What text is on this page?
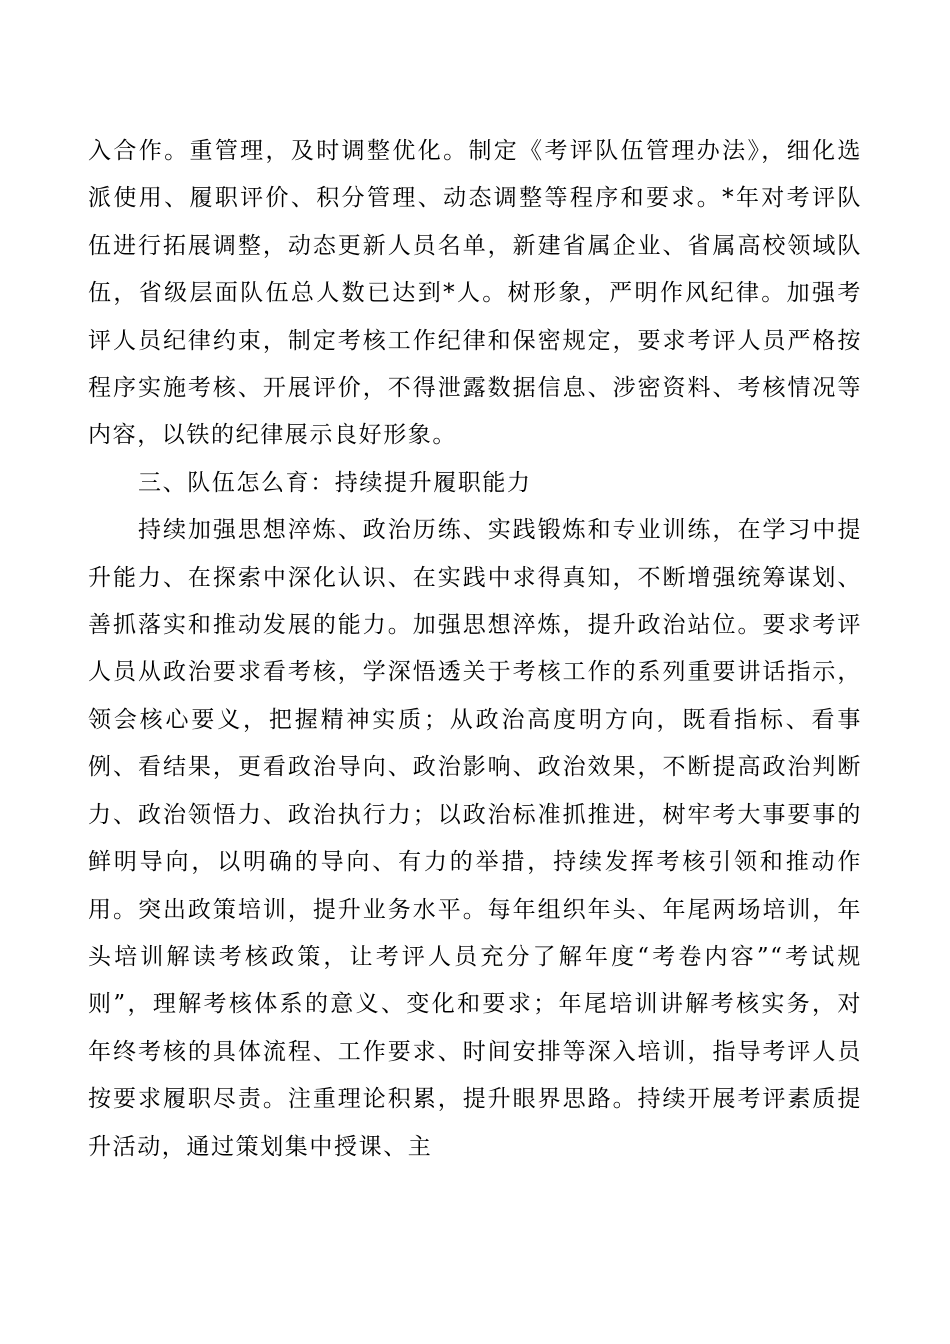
入合作。重管理，及时调整优化。制定《考评队伍管理办法》，细化选派使用、履职评价、积分管理、动态调整等程序和要求。*年对考评队伍进行拓展调整，动态更新人员名单，新建省属企业、省属高校领域队伍，省级层面队伍总人数已达到*人。树形象，严明作风纪律。加强考评人员纪律约束，制定考核工作纪律和保密规定，要求考评人员严格按程序实施考核、开展评价，不得泄露数据信息、涉密资料、考核情况等内容，以铁的纪律展示良好形象。

三、队伍怎么育：持续提升履职能力

持续加强思想淬炼、政治历练、实践锻炼和专业训练，在学习中提升能力、在探索中深化认识、在实践中求得真知，不断增强统筹谋划、善抓落实和推动发展的能力。加强思想淬炼，提升政治站位。要求考评人员从政治要求看考核，学深悟透关于考核工作的系列重要讲话指示，领会核心要义，把握精神实质；从政治高度明方向，既看指标、看事例、看结果，更看政治导向、政治影响、政治效果，不断提高政治判断力、政治领悟力、政治执行力；以政治标准抓推进，树牢考大事要事的鲜明导向，以明确的导向、有力的举措，持续发挥考核引领和推动作用。突出政策培训，提升业务水平。每年组织年头、年尾两场培训，年头培训解读考核政策，让考评人员充分了解年度“考卷内容”“考试规则”，理解考核体系的意义、变化和要求；年尾培训讲解考核实务，对年终考核的具体流程、工作要求、时间安排等深入培训，指导考评人员按要求履职尽责。注重理论积累，提升眼界思路。持续开展考评素质提升活动，通过策划集中授课、主
